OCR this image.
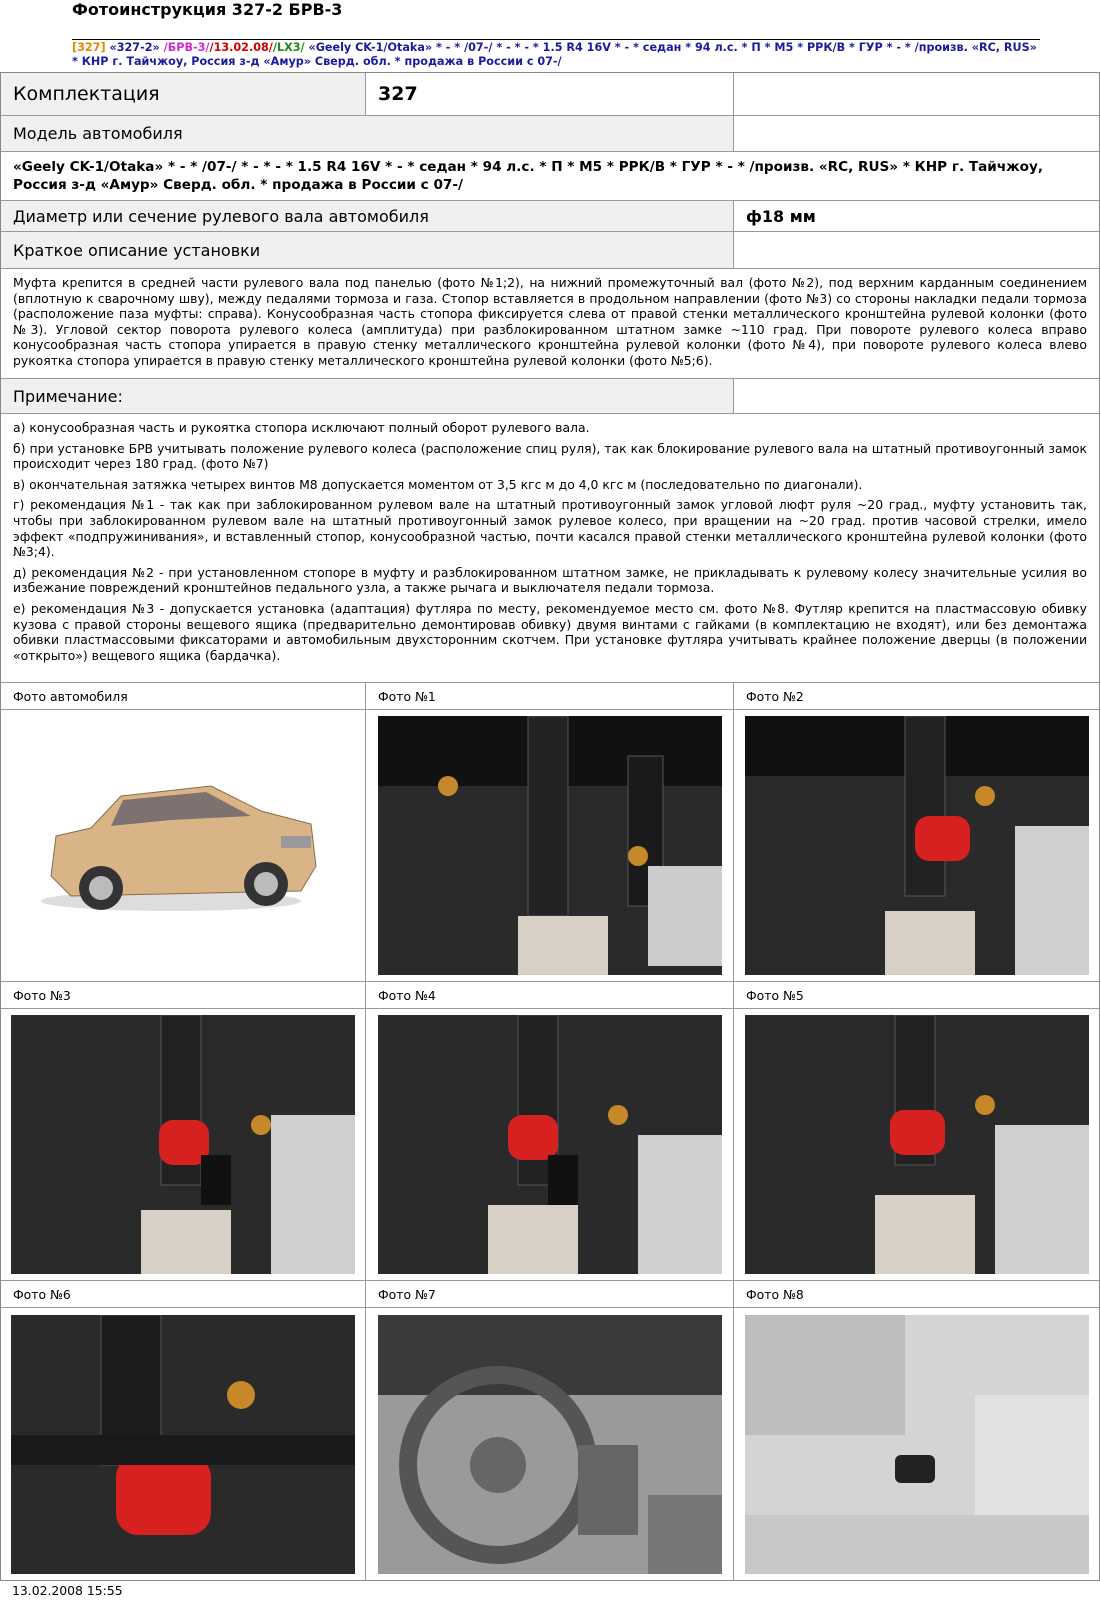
Фотоинструкция 327-2 БРВ-3
[327] «327-2» /БРВ-3//13.02.08//LX3/ «Geely CK-1/Otaka» * - * /07-/ * - * - * 1.5 R4 16V * - * седан * 94 л.с. * П * M5 * РРК/В * ГУР * - * /произв. «RC, RUS» * КНР г. Тайчжоу, Россия з-д «Амур» Сверд. обл. * продажа в России с 07-/
Комплектация	327
Модель автомобиля
«Geely CK-1/Otaka» * - * /07-/ * - * - * 1.5 R4 16V * - * седан * 94 л.с. * П * M5 * РРК/В * ГУР * - * /произв. «RC, RUS» * КНР г. Тайчжоу, Россия з-д «Амур» Сверд. обл. * продажа в России с 07-/
Диаметр или сечение рулевого вала автомобиля	ф18 мм
Краткое описание установки
Муфта крепится в средней части рулевого вала под панелью (фото №1;2), на нижний промежуточный вал (фото №2), под верхним карданным соединением (вплотную к сварочному шву), между педалями тормоза и газа. Стопор вставляется в продольном направлении (фото №3) со стороны накладки педали тормоза (расположение паза муфты: справа). Конусообразная часть стопора фиксируется слева от правой стенки металлического кронштейна рулевой колонки (фото №3). Угловой сектор поворота рулевого колеса (амплитуда) при разблокированном штатном замке ~110 град. При повороте рулевого колеса вправо конусообразная часть стопора упирается в правую стенку металлического кронштейна рулевой колонки (фото №4), при повороте рулевого колеса влево рукоятка стопора упирается в правую стенку металлического кронштейна рулевой колонки (фото №5;6).
Примечание:

а) конусообразная часть и рукоятка стопора исключают полный оборот рулевого вала.

б) при установке БРВ учитывать положение рулевого колеса (расположение спиц руля), так как блокирование рулевого вала на штатный противоугонный замок происходит через 180 град. (фото №7)

в) окончательная затяжка четырех винтов M8 допускается моментом от 3,5 кгс м до 4,0 кгс м (последовательно по диагонали).

г) рекомендация №1 - так как при заблокированном рулевом вале на штатный противоугонный замок угловой люфт руля ~20 град., муфту установить так, чтобы при заблокированном рулевом вале на штатный противоугонный замок рулевое колесо, при вращении на ~20 град. против часовой стрелки, имело эффект «подпружинивания», и вставленный стопор, конусообразной частью, почти касался правой стенки металлического кронштейна рулевой колонки (фото №3;4).

д) рекомендация №2 - при установленном стопоре в муфту и разблокированном штатном замке, не прикладывать к рулевому колесу значительные усилия во избежание повреждений кронштейнов педального узла, а также рычага и выключателя педали тормоза.

е) рекомендация №3 - допускается установка (адаптация) футляра по месту, рекомендуемое место см. фото №8. Футляр крепится на пластмассовую обивку кузова с правой стороны вещевого ящика (предварительно демонтировав обивку) двумя винтами с гайками (в комплектацию не входят), или без демонтажа обивки пластмассовыми фиксаторами и автомобильным двухсторонним скотчем. При установке футляра учитывать крайнее положение дверцы (в положении «открыто») вещевого ящика (бардачка).

Фото автомобиля	Фото №1	Фото №2
Фото №3	Фото №4	Фото №5
Фото №6	Фото №7	Фото №8
13.02.2008 15:55
